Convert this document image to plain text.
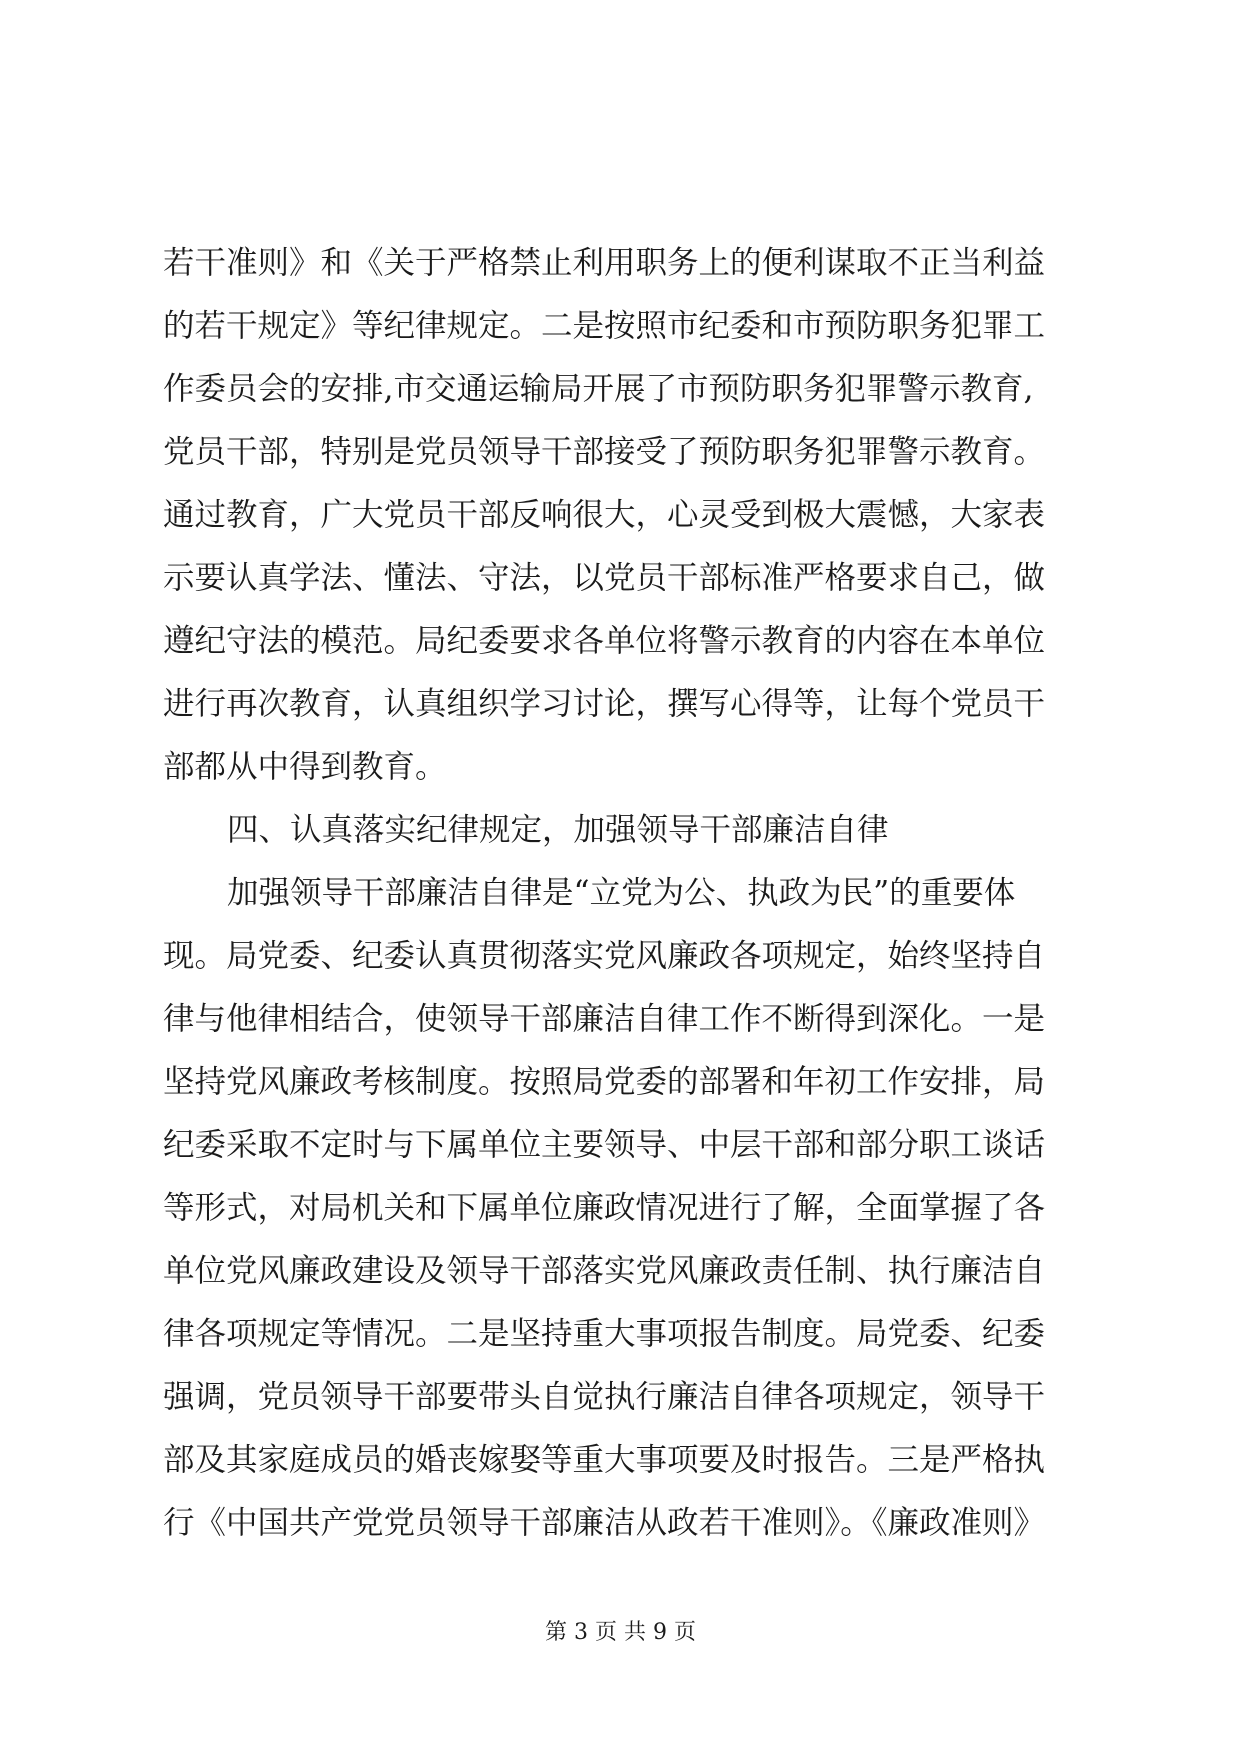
若干准则》和《关于严格禁止利用职务上的便利谋取不正当利益
的若干规定》等纪律规定。二是按照市纪委和市预防职务犯罪工
作委员会的安排,市交通运输局开展了市预防职务犯罪警示教育,
党员干部，特别是党员领导干部接受了预防职务犯罪警示教育。
通过教育，广大党员干部反响很大，心灵受到极大震憾，大家表
示要认真学法、懂法、守法，以党员干部标准严格要求自己，做
遵纪守法的模范。局纪委要求各单位将警示教育的内容在本单位
进行再次教育，认真组织学习讨论，撰写心得等，让每个党员干
部都从中得到教育。
四、认真落实纪律规定，加强领导干部廉洁自律
加强领导干部廉洁自律是“立党为公、执政为民”的重要体
现。局党委、纪委认真贯彻落实党风廉政各项规定，始终坚持自
律与他律相结合，使领导干部廉洁自律工作不断得到深化。一是
坚持党风廉政考核制度。按照局党委的部署和年初工作安排，局
纪委采取不定时与下属单位主要领导、中层干部和部分职工谈话
等形式，对局机关和下属单位廉政情况进行了解，全面掌握了各
单位党风廉政建设及领导干部落实党风廉政责任制、执行廉洁自
律各项规定等情况。二是坚持重大事项报告制度。局党委、纪委
强调，党员领导干部要带头自觉执行廉洁自律各项规定，领导干
部及其家庭成员的婚丧嫁娶等重大事项要及时报告。三是严格执
行《中国共产党党员领导干部廉洁从政若干准则》。《廉政准则》
第 3 页 共 9 页
